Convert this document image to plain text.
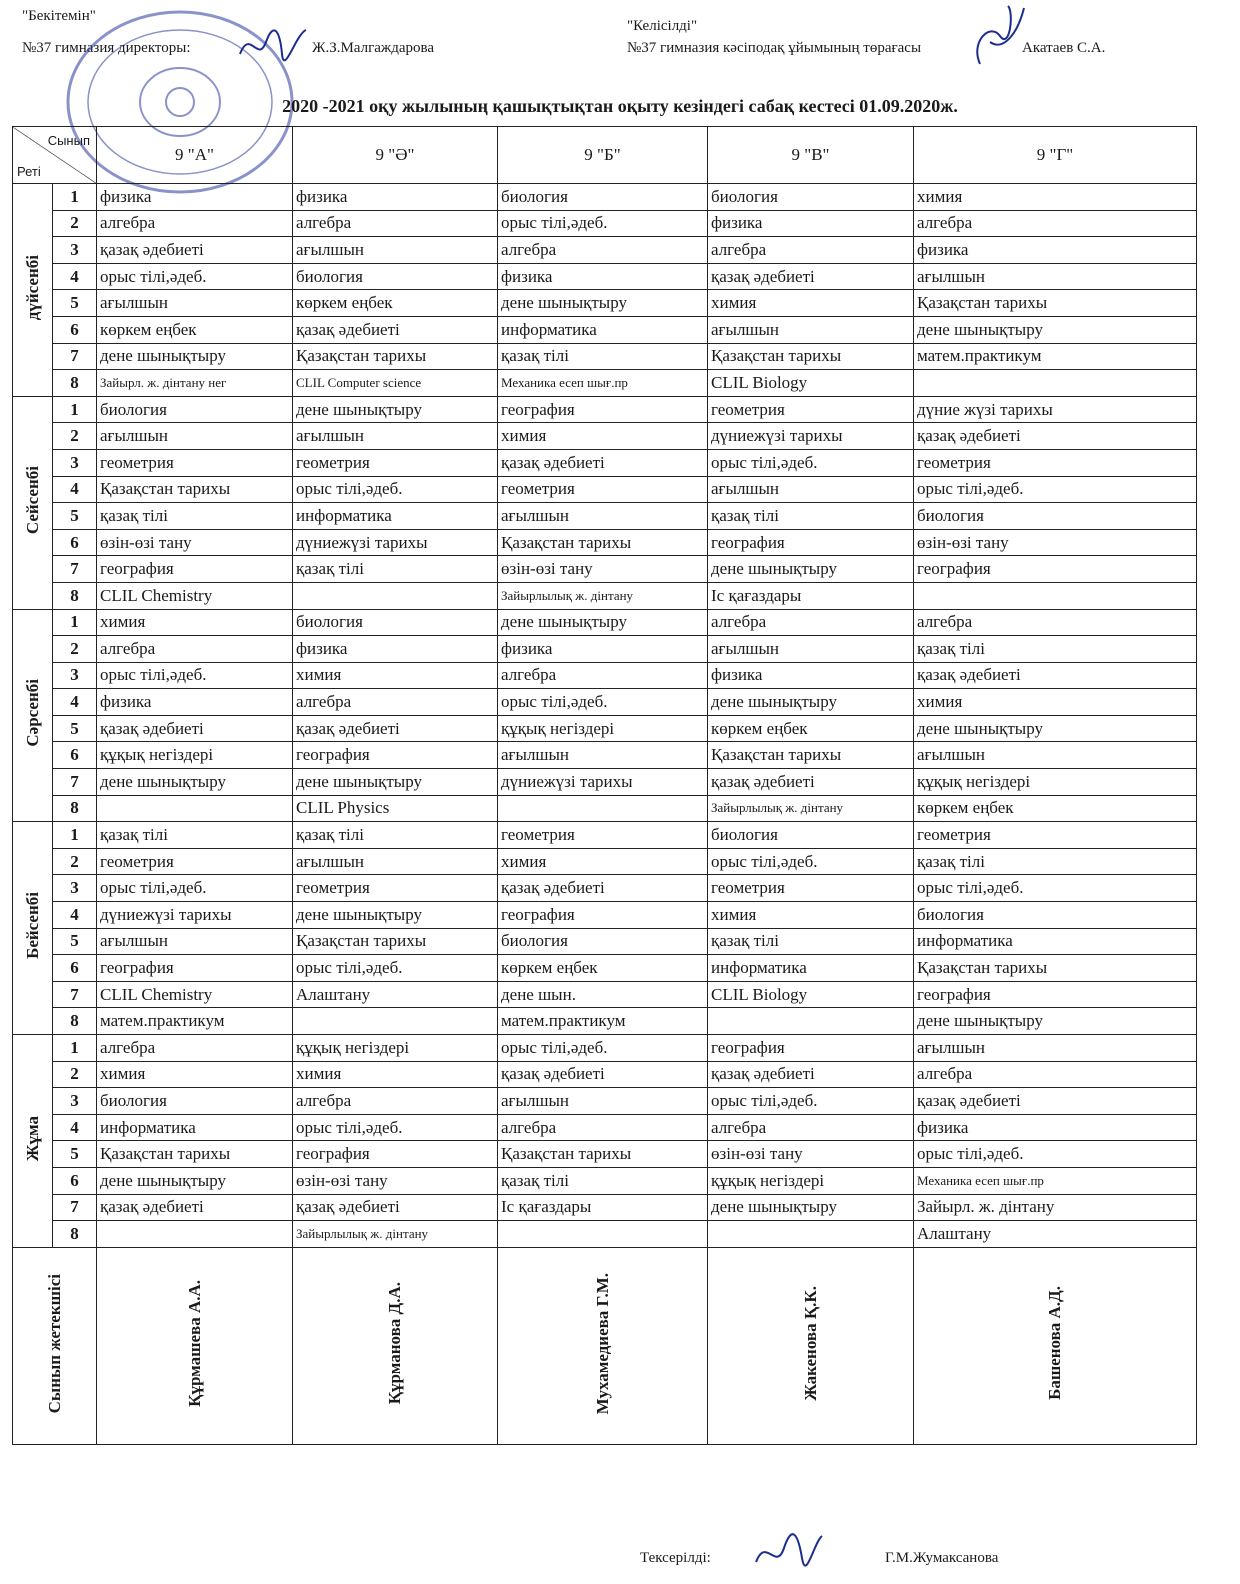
"Бекітемін"
№37 гимназия директоры:	Ж.З.Малгаждарова
"Келісілді"
№37 гимназия кәсіподақ ұйымының төрағасы	Акатаев С.А.
2020 -2021 оқу жылының қашықтықтан оқыту кезіндегі сабақ кестесі 01.09.2020ж.
Сынып
Реті		9 "А"	9 "Ә"	9 "Б"	9 "В"	9 "Г"
дүйсенбі	1	физика	физика	биология	биология	химия
	2	алгебра	алгебра	орыс тілі,әдеб.	физика	алгебра
	3	қазақ әдебиеті	ағылшын	алгебра	алгебра	физика
	4	орыс тілі,әдеб.	биология	физика	қазақ әдебиеті	ағылшын
	5	ағылшын	көркем еңбек	дене шынықтыру	химия	Қазақстан тарихы
	6	көркем еңбек	қазақ әдебиеті	информатика	ағылшын	дене шынықтыру
	7	дене шынықтыру	Қазақстан тарихы	қазақ тілі	Қазақстан тарихы	матем.практикум
	8	Зайырл. ж. дінтану нег	CLIL Computer science	Механика есеп шығ.пр	CLIL Biology	
Сейсенбі	1	биология	дене шынықтыру	география	геометрия	дүние жүзі тарихы
	2	ағылшын	ағылшын	химия	дүниежүзі тарихы	қазақ әдебиеті
	3	геометрия	геометрия	қазақ әдебиеті	орыс тілі,әдеб.	геометрия
	4	Қазақстан тарихы	орыс тілі,әдеб.	геометрия	ағылшын	орыс тілі,әдеб.
	5	қазақ тілі	информатика	ағылшын	қазақ тілі	биология
	6	өзін-өзі тану	дүниежүзі тарихы	Қазақстан тарихы	география	өзін-өзі тану
	7	география	қазақ тілі	өзін-өзі тану	дене шынықтыру	география
	8	CLIL Chemistry		Зайырлылық ж. дінтану	Іс қағаздары	
Сәрсенбі	1	химия	биология	дене шынықтыру	алгебра	алгебра
	2	алгебра	физика	физика	ағылшын	қазақ тілі
	3	орыс тілі,әдеб.	химия	алгебра	физика	қазақ әдебиеті
	4	физика	алгебра	орыс тілі,әдеб.	дене шынықтыру	химия
	5	қазақ әдебиеті	қазақ әдебиеті	құқық негіздері	көркем еңбек	дене шынықтыру
	6	құқық негіздері	география	ағылшын	Қазақстан тарихы	ағылшын
	7	дене шынықтыру	дене шынықтыру	дүниежүзі тарихы	қазақ әдебиеті	құқық негіздері
	8		CLIL Physics		Зайырлылық ж. дінтану	көркем еңбек
Бейсенбі	1	қазақ тілі	қазақ тілі	геометрия	биология	геометрия
	2	геометрия	ағылшын	химия	орыс тілі,әдеб.	қазақ тілі
	3	орыс тілі,әдеб.	геометрия	қазақ әдебиеті	геометрия	орыс тілі,әдеб.
	4	дүниежүзі тарихы	дене шынықтыру	география	химия	биология
	5	ағылшын	Қазақстан тарихы	биология	қазақ тілі	информатика
	6	география	орыс тілі,әдеб.	көркем еңбек	информатика	Қазақстан тарихы
	7	CLIL Chemistry	Алаштану	дене шын.	CLIL Biology	география
	8	матем.практикум		матем.практикум		дене шынықтыру
Жұма	1	алгебра	құқық негіздері	орыс тілі,әдеб.	география	ағылшын
	2	химия	химия	қазақ әдебиеті	қазақ әдебиеті	алгебра
	3	биология	алгебра	ағылшын	орыс тілі,әдеб.	қазақ әдебиеті
	4	информатика	орыс тілі,әдеб.	алгебра	алгебра	физика
	5	Қазақстан тарихы	география	Қазақстан тарихы	өзін-өзі тану	орыс тілі,әдеб.
	6	дене шынықтыру	өзін-өзі тану	қазақ тілі	құқық негіздері	Механика есеп шығ.пр
	7	қазақ әдебиеті	қазақ әдебиеті	Іс қағаздары	дене шынықтыру	Зайырл. ж. дінтану
	8		Зайырлылық ж. дінтану			Алаштану
Сынып жетекшісі		Құрмашева А.А.	Құрманова Д.А.	Мухамедиева Г.М.	Жакенова Қ.К.	Башенова А.Д.
Тексерілді:	Г.М.Жумаксанова
